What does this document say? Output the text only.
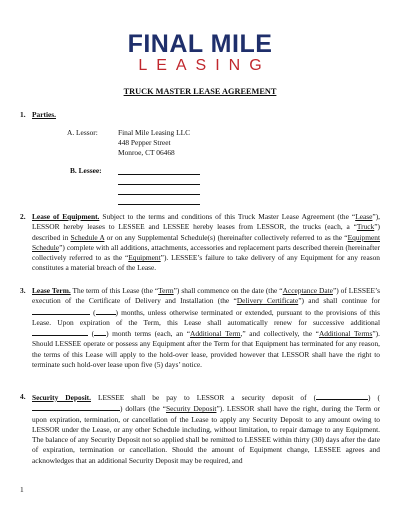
FINAL MILE
LEASING
TRUCK MASTER LEASE AGREEMENT
1. Parties.
A. Lessor:	Final Mile Leasing LLC
448 Pepper Street
Monroe, CT 06468
B. Lessee:
2. Lease of Equipment. Subject to the terms and conditions of this Truck Master Lease Agreement (the “Lease”), LESSOR hereby leases to LESSEE and LESSEE hereby leases from LESSOR, the trucks (each, a “Truck”) described in Schedule A or on any Supplemental Schedule(s) (hereinafter collectively referred to as the “Equipment Schedule”) complete with all additions, attachments, accessories and replacement parts described therein (hereinafter collectively referred to as the “Equipment”). LESSEE’s failure to take delivery of any Equipment for any reason constitutes a material breach of the Lease.
3. Lease Term. The term of this Lease (the “Term”) shall commence on the date (the “Acceptance Date”) of LESSEE’s execution of the Certificate of Delivery and Installation (the “Delivery Certificate”) and shall continue for  (	) months, unless otherwise terminated or extended, pursuant to the provisions of this Lease. Upon expiration of the Term, this Lease shall automatically renew for successive additional  ( ) month terms (each, an “Additional Term,” and collectively, the “Additional Terms”). Should LESSEE operate or possess any Equipment after the Term for that Equipment has terminated for any reason, the terms of this Lease will apply to the hold-over lease, provided however that LESSOR shall have the right to terminate such hold-over lease upon five (5) days’ notice.
4. Security Deposit. LESSEE shall be pay to LESSOR a security deposit of (	) () dollars (the “Security Deposit”). LESSOR shall have the right, during the Term or upon expiration, termination, or cancellation of the Lease to apply any Security Deposit to any amount owing to LESSOR under the Lease, or any other Schedule including, without limitation, to repair damage to any Equipment. The balance of any Security Deposit not so applied shall be remitted to LESSEE within thirty (30) days after the date of expiration, termination or cancellation. Should the amount of Equipment change, LESSEE agrees and acknowledges that an additional Security Deposit may be required, and
1
